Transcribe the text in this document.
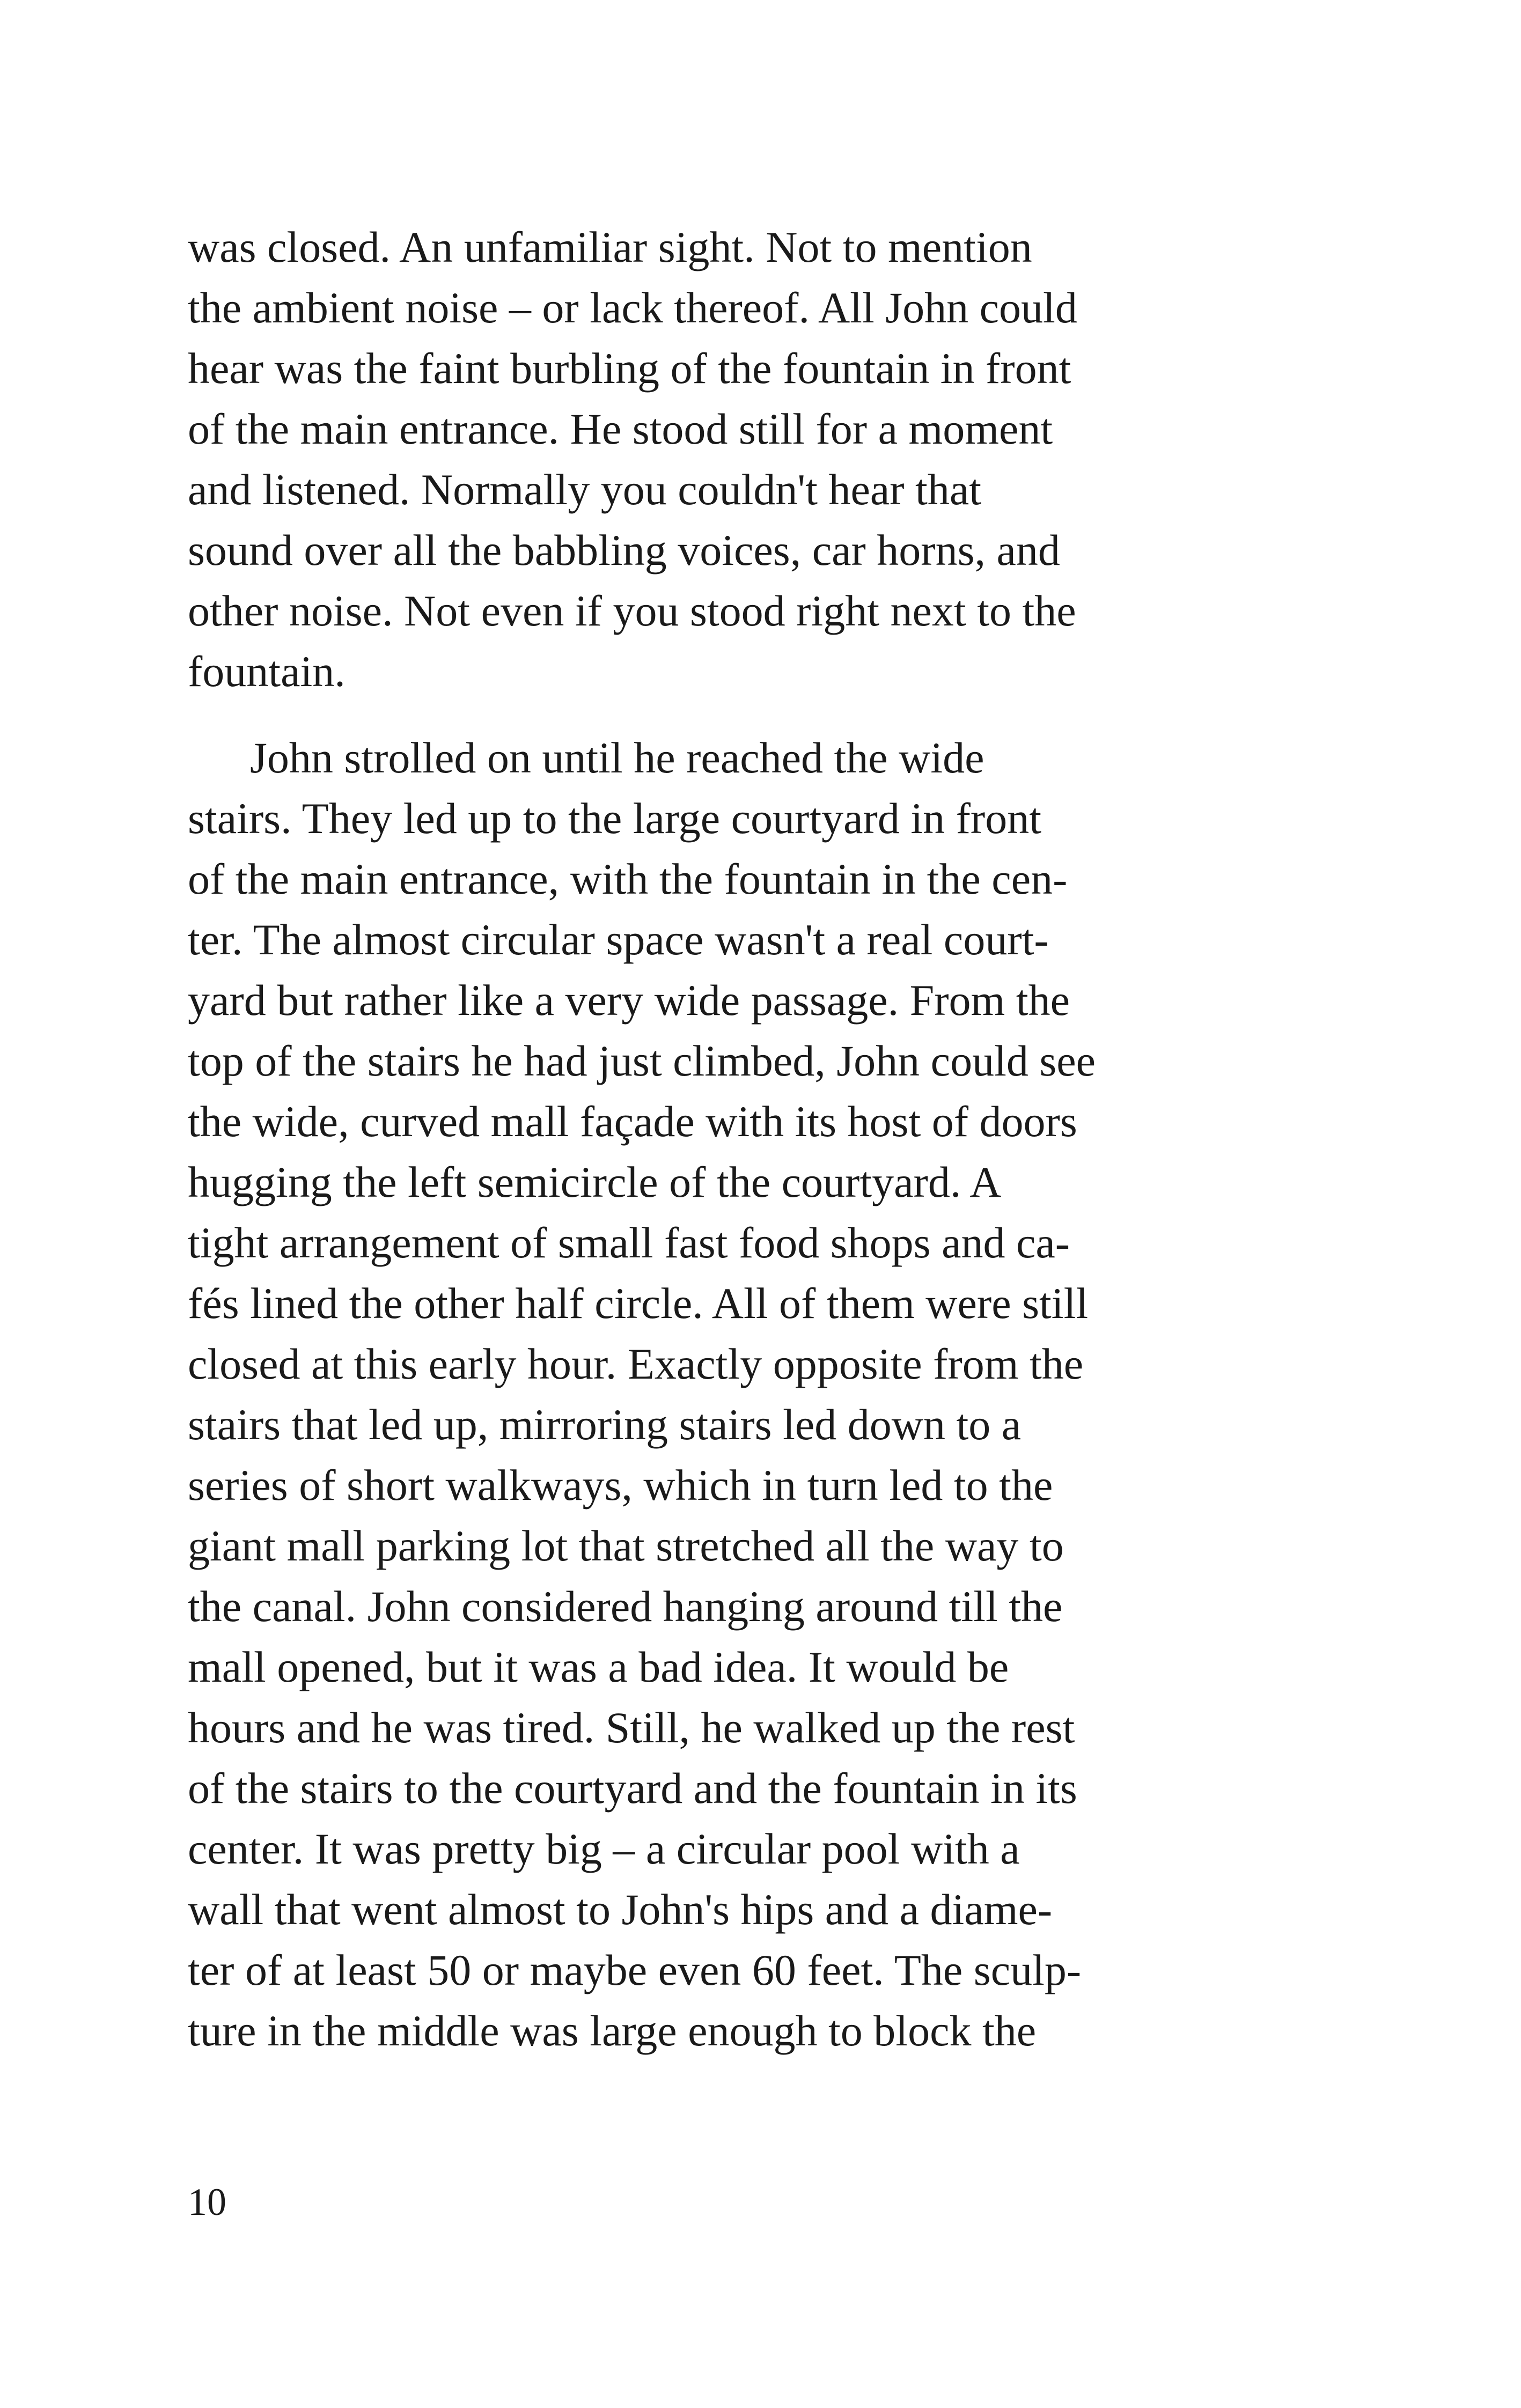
was closed. An unfamiliar sight. Not to mention
the ambient noise – or lack thereof. All John could
hear was the faint burbling of the fountain in front
of the main entrance. He stood still for a moment
and listened. Normally you couldn't hear that
sound over all the babbling voices, car horns, and
other noise. Not even if you stood right next to the
fountain.
John strolled on until he reached the wide
stairs. They led up to the large courtyard in front
of the main entrance, with the fountain in the cen-
ter. The almost circular space wasn't a real court-
yard but rather like a very wide passage. From the
top of the stairs he had just climbed, John could see
the wide, curved mall façade with its host of doors
hugging the left semicircle of the courtyard. A
tight arrangement of small fast food shops and ca-
fés lined the other half circle. All of them were still
closed at this early hour. Exactly opposite from the
stairs that led up, mirroring stairs led down to a
series of short walkways, which in turn led to the
giant mall parking lot that stretched all the way to
the canal. John considered hanging around till the
mall opened, but it was a bad idea. It would be
hours and he was tired. Still, he walked up the rest
of the stairs to the courtyard and the fountain in its
center. It was pretty big – a circular pool with a
wall that went almost to John's hips and a diame-
ter of at least 50 or maybe even 60 feet. The sculp-
ture in the middle was large enough to block the
10
